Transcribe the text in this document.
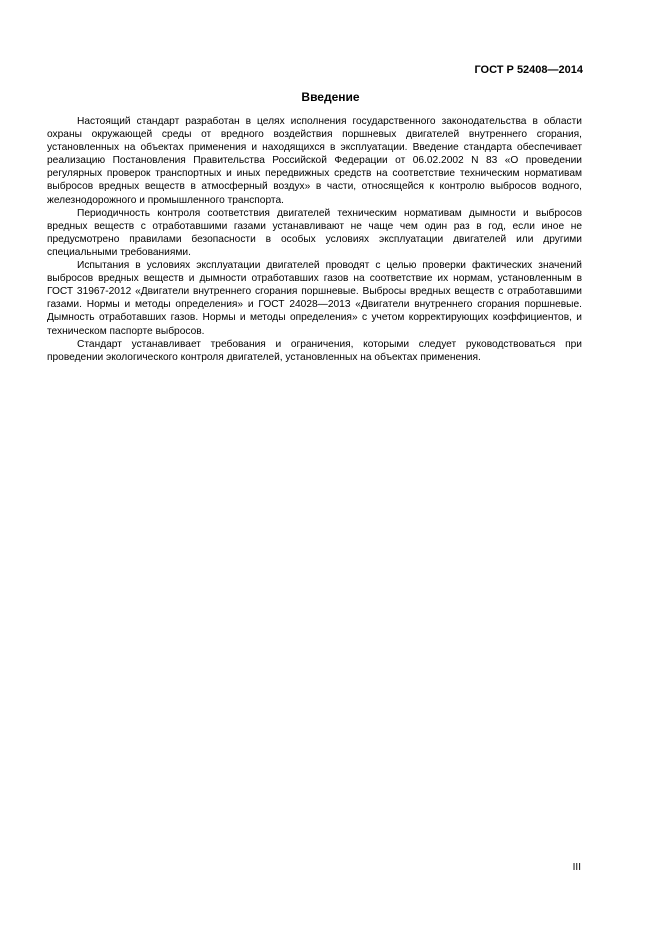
ГОСТ Р 52408—2014
Введение

Настоящий стандарт разработан в целях исполнения государственного законодательства в области охраны окружающей среды от вредного воздействия поршневых двигателей внутреннего сгорания, установленных на объектах применения и находящихся в эксплуатации. Введение стандарта обеспечивает реализацию Постановления Правительства Российской Федерации от 06.02.2002 N 83 «О проведении регулярных проверок транспортных и иных передвижных средств на соответствие техническим нормативам выбросов вредных веществ в атмосферный воздух» в части, относящейся к контролю выбросов водного, железнодорожного и промышленного транспорта.

Периодичность контроля соответствия двигателей техническим нормативам дымности и выбросов вредных веществ с отработавшими газами устанавливают не чаще чем один раз в год, если иное не предусмотрено правилами безопасности в особых условиях эксплуатации двигателей или другими специальными требованиями.

Испытания в условиях эксплуатации двигателей проводят с целью проверки фактических значений выбросов вредных веществ и дымности отработавших газов на соответствие их нормам, установленным в ГОСТ 31967-2012 «Двигатели внутреннего сгорания поршневые. Выбросы вредных веществ с отработавшими газами. Нормы и методы определения» и ГОСТ 24028—2013 «Двигатели внутреннего сгорания поршневые. Дымность отработавших газов. Нормы и методы определения» с учетом корректирующих коэффициентов, и техническом паспорте выбросов.

Стандарт устанавливает требования и ограничения, которыми следует руководствоваться при проведении экологического контроля двигателей, установленных на объектах применения.

III
